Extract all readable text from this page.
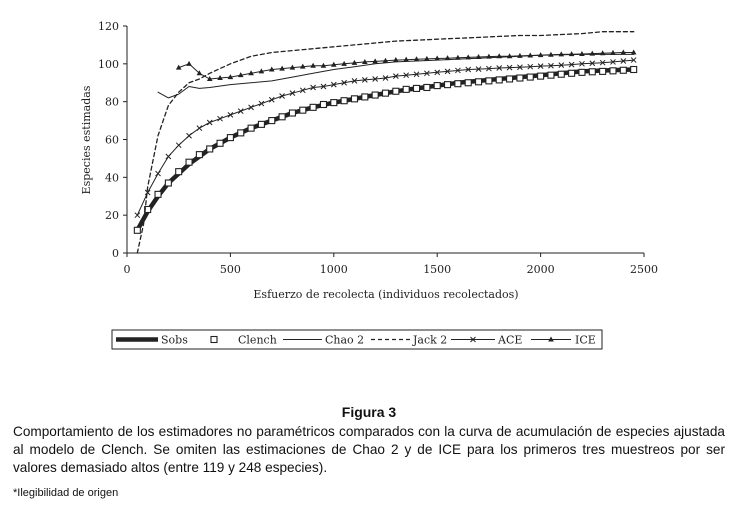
0
20
40
60
80
100
120
0	500	1000	1500	2000	2500
Esfuerzo de recolecta (individuos recolectados)
Especies estimadas
Sobs	Clench	Chao 2	Jack 2	ACE	ICE
Figura 3
Comportamiento de los estimadores no paramétricos comparados con la curva de acumulación de especies ajustada al modelo de Clench. Se omiten las estimaciones de Chao 2 y de ICE para los primeros tres muestreos por ser valores demasiado altos (entre 119 y 248 especies).
*Ilegibilidad de origen
